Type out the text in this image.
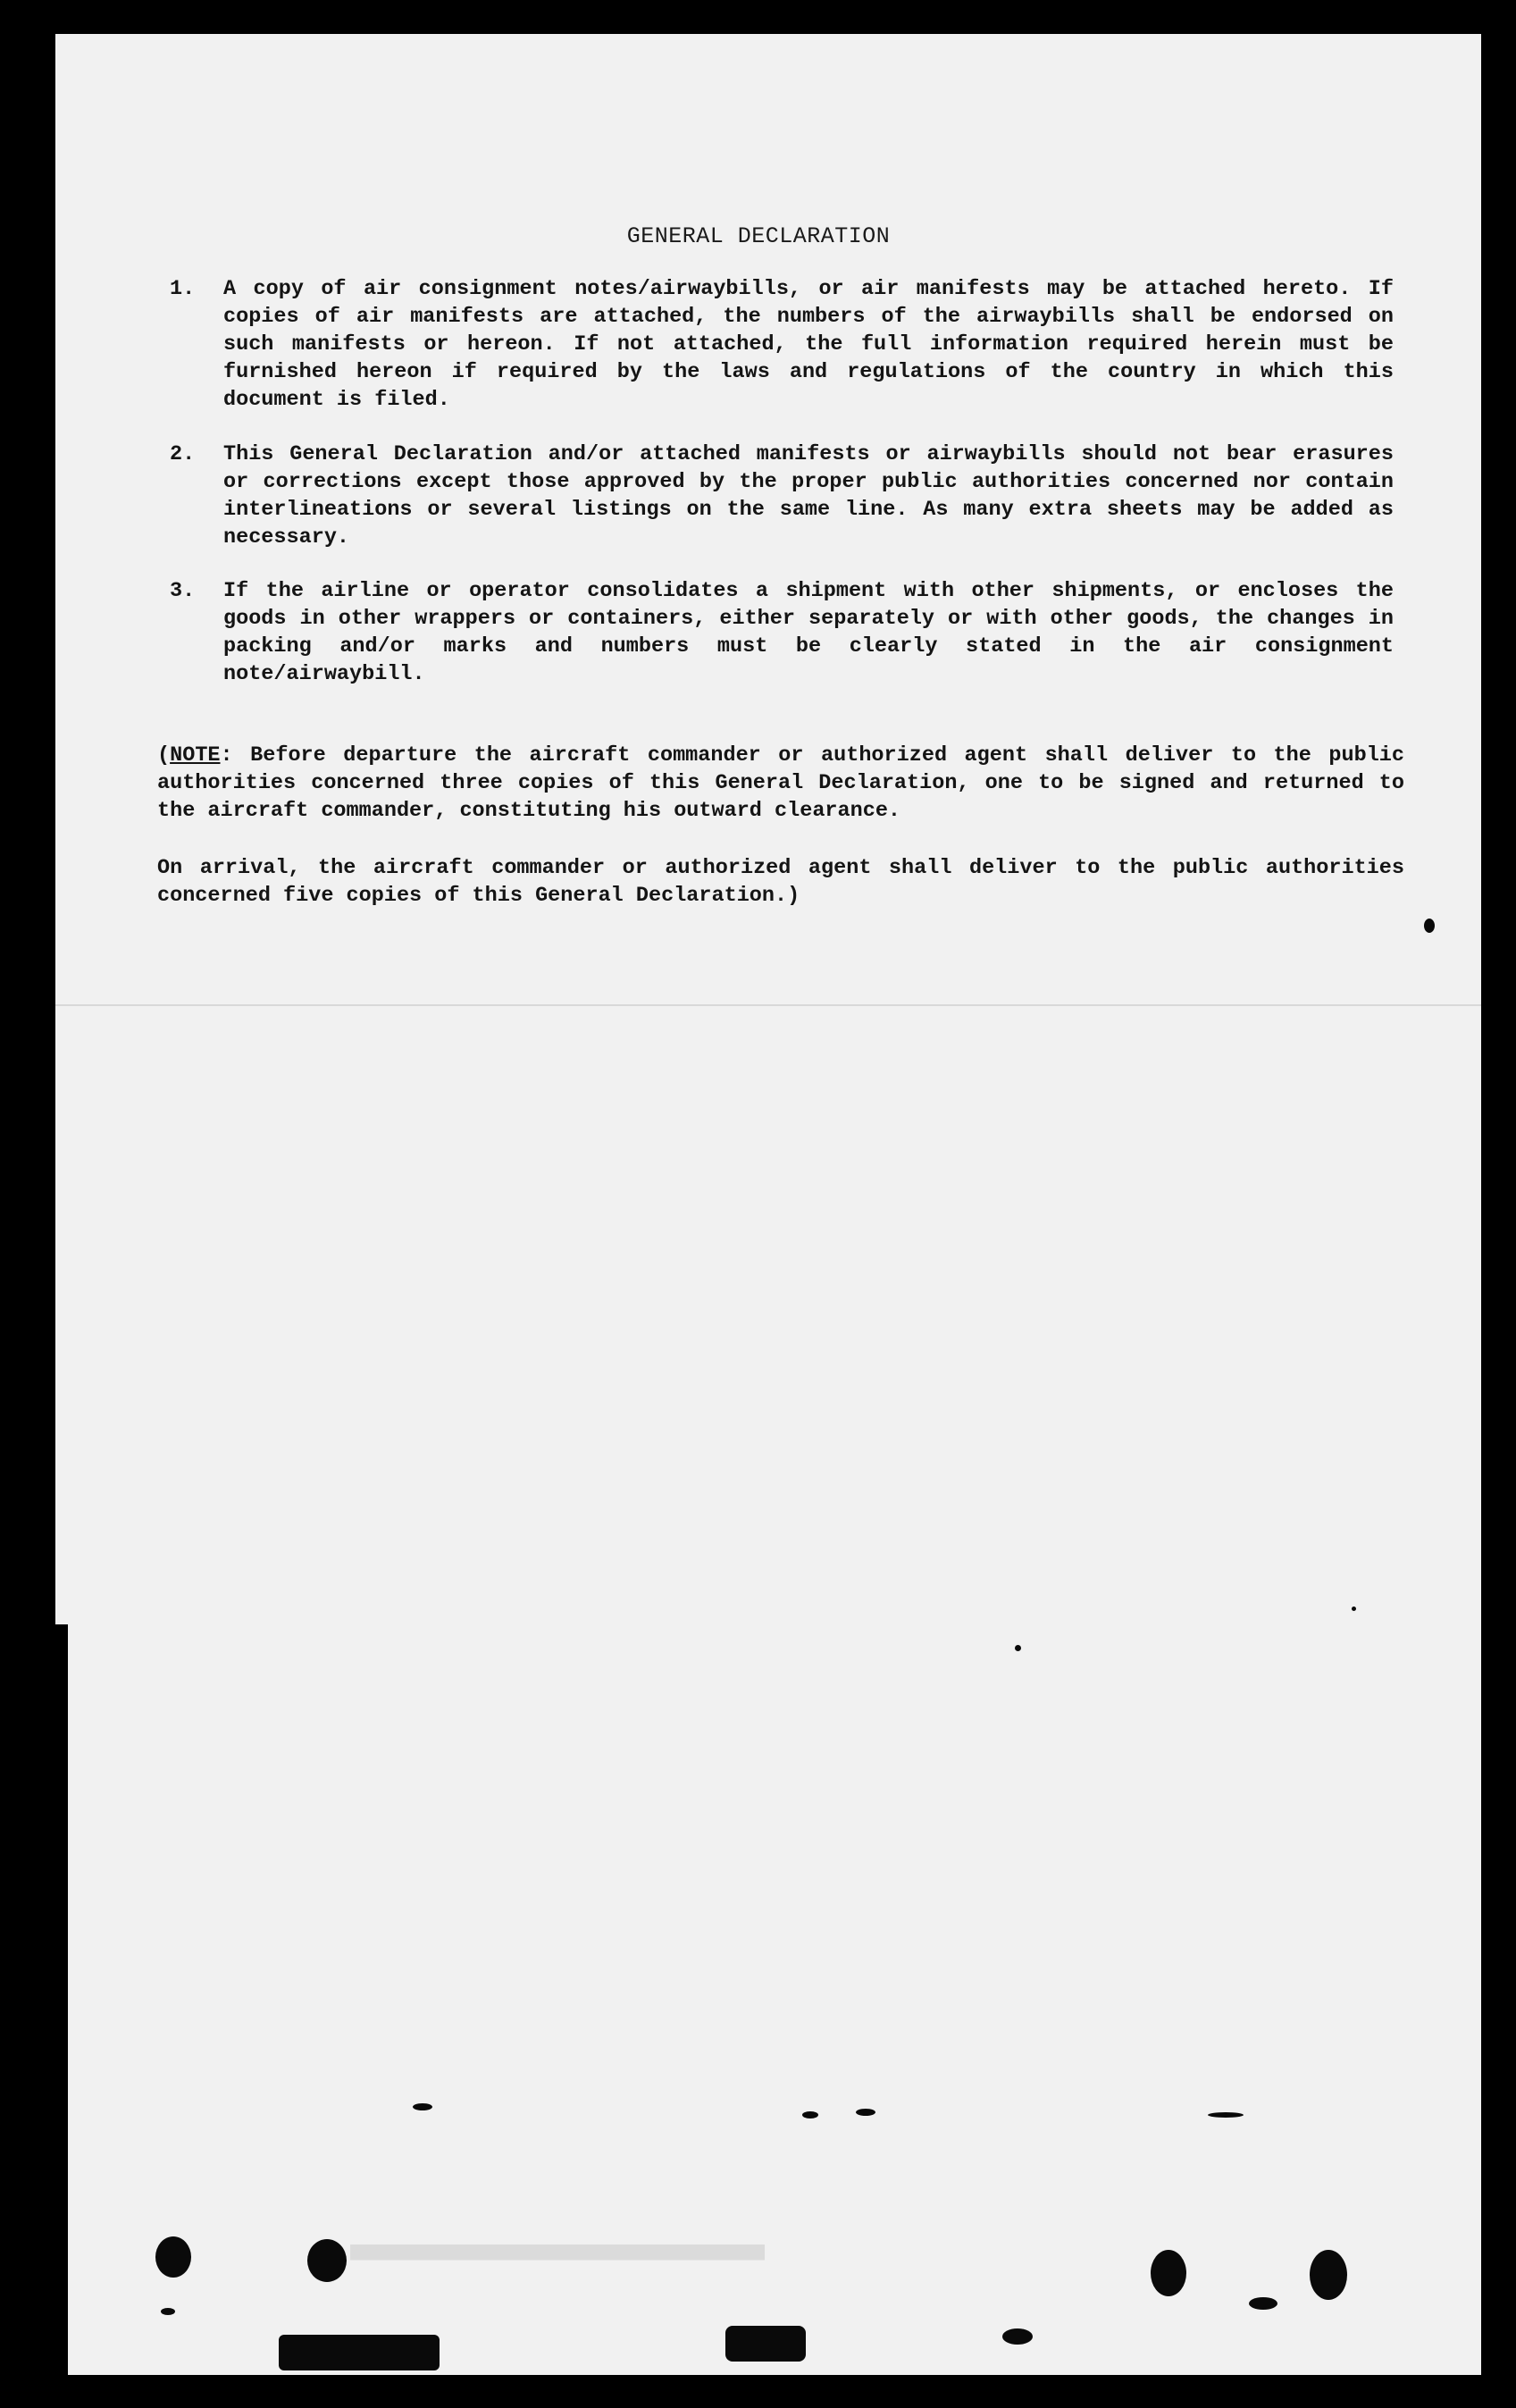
GENERAL DECLARATION
1.	A copy of air consignment notes/airwaybills, or air manifests may be attached hereto. If copies of air manifests are attached, the numbers of the airwaybills shall be endorsed on such manifests or hereon. If not attached, the full information required herein must be furnished hereon if required by the laws and regulations of the country in which this document is filed.
2.	This General Declaration and/or attached manifests or airwaybills should not bear erasures or corrections except those approved by the proper public authorities concerned nor contain interlineations or several listings on the same line. As many extra sheets may be added as necessary.
3.	If the airline or operator consolidates a shipment with other shipments, or encloses the goods in other wrappers or containers, either separately or with other goods, the changes in packing and/or marks and numbers must be clearly stated in the air consignment note/airwaybill.
(NOTE: Before departure the aircraft commander or authorized agent shall deliver to the public authorities concerned three copies of this General Declaration, one to be signed and returned to the aircraft commander, constituting his outward clearance.
On arrival, the aircraft commander or authorized agent shall deliver to the public authorities concerned five copies of this General Declaration.)
▬▬▬▬▬▬▬▬
